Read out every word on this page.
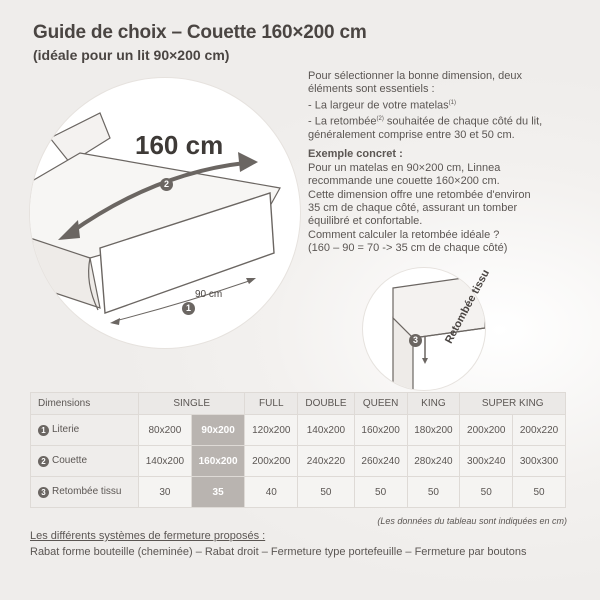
Guide de choix – Couette 160×200 cm
(idéale pour un lit 90×200 cm)

Pour sélectionner la bonne dimension, deux

éléments sont essentiels :

- La largeur de votre matelas$^{(1)}$

- La retombée$^{(2)}$ souhaitée de chaque côté du lit,

généralement comprise entre 30 et 50 cm.

Exemple concret :

Pour un matelas en 90×200 cm, Linnea

recommande une couette 160×200 cm.

Cette dimension offre une retombée d'environ

35 cm de chaque côté, assurant un tomber

équilibré et confortable.

Comment calculer la retombée idéale ?

(160 – 90 = 70 -> 35 cm de chaque côté)

160 cm
90 cm
2
1
3	Retombée tissu
Dimensions	SINGLE		FULL	DOUBLE	QUEEN	KING	SUPER KING	
1 Literie	80x200	90x200	120x200	140x200	160x200	180x200	200x200	200x220
2 Couette	140x200	160x200	200x200	240x220	260x240	280x240	300x240	300x300
3 Retombée tissu	30	35	40	50	50	50	50	50
(Les données du tableau sont indiquées en cm)
Les différents systèmes de fermeture proposés :
Rabat forme bouteille (cheminée) – Rabat droit – Fermeture type portefeuille – Fermeture par boutons
